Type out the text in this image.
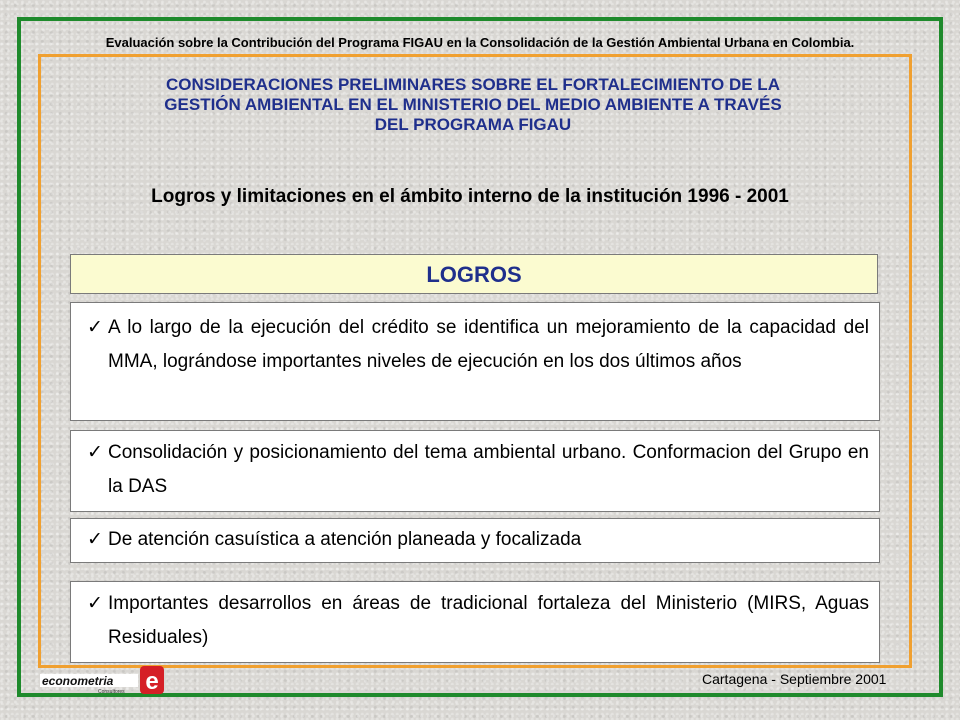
Evaluación sobre la Contribución del Programa FIGAU en la Consolidación de la Gestión Ambiental Urbana en Colombia.
CONSIDERACIONES PRELIMINARES SOBRE EL FORTALECIMIENTO DE LA
GESTIÓN AMBIENTAL EN EL MINISTERIO DEL MEDIO AMBIENTE A TRAVÉS
DEL PROGRAMA FIGAU
Logros y limitaciones en el ámbito interno de la institución 1996 - 2001
LOGROS
✓ A lo largo de la ejecución del crédito se identifica un mejoramiento de la capacidad del MMA, lográndose importantes niveles de ejecución en los dos últimos años
✓ Consolidación y posicionamiento del tema ambiental urbano. Conformacion del Grupo en la DAS
✓ De atención casuística a atención planeada y focalizada
✓ Importantes desarrollos en áreas de tradicional fortaleza del Ministerio (MIRS, Aguas Residuales)
econometria
Consultores e	Cartagena - Septiembre 2001
